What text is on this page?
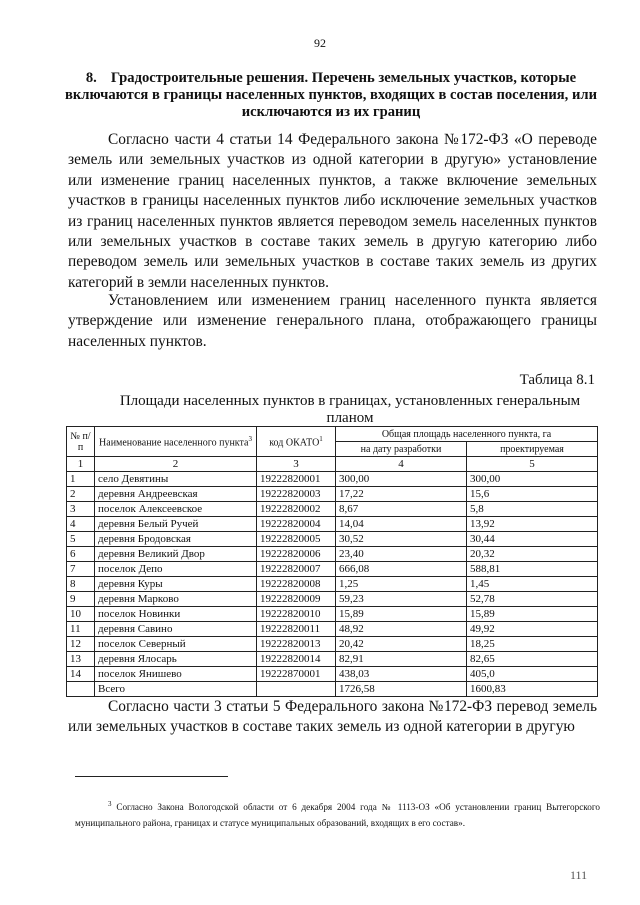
92
8. Градостроительные решения. Перечень земельных участков, которые включаются в границы населенных пунктов, входящих в состав поселения, или исключаются из их границ

Согласно части 4 статьи 14 Федерального закона №172-ФЗ «О переводе земель или земельных участков из одной категории в другую» установление или изменение границ населенных пунктов, а также включение земельных участков в границы населенных пунктов либо исключение земельных участков из границ населенных пунктов является переводом земель населенных пунктов или земельных участков в составе таких земель в другую категорию либо переводом земель или земельных участков в составе таких земель из других категорий в земли населенных пунктов.

Установлением или изменением границ населенного пункта является утверждение или изменение генерального плана, отображающего границы населенных пунктов.

Таблица 8.1
Площади населенных пунктов в границах, установленных генеральным планом
№ п/п	Наименование населенного пункта$^3$	код ОКАТО$^1$	Общая площадь населенного пункта, га	
			на дату разработки	проектируемая
1	2	3	4	5
1	село Девятины	19222820001	300,00	300,00
2	деревня Андреевская	19222820003	17,22	15,6
3	поселок Алексеевское	19222820002	8,67	5,8
4	деревня Белый Ручей	19222820004	14,04	13,92
5	деревня Бродовская	19222820005	30,52	30,44
6	деревня Великий Двор	19222820006	23,40	20,32
7	поселок Депо	19222820007	666,08	588,81
8	деревня Куры	19222820008	1,25	1,45
9	деревня Марково	19222820009	59,23	52,78
10	поселок Новинки	19222820010	15,89	15,89
11	деревня Савино	19222820011	48,92	49,92
12	поселок Северный	19222820013	20,42	18,25
13	деревня Ялосарь	19222820014	82,91	82,65
14	поселок Янишево	19222870001	438,03	405,0
	Всего		1726,58	1600,83

Согласно части 3 статьи 5 Федерального закона №172-ФЗ перевод земель или земельных участков в составе таких земель из одной категории в другую

$^3$ Согласно Закона Вологодской области от 6 декабря 2004 года № 1113-ОЗ «Об установлении границ Вытегорского муниципального района, границах и статусе муниципальных образований, входящих в его состав».
111
